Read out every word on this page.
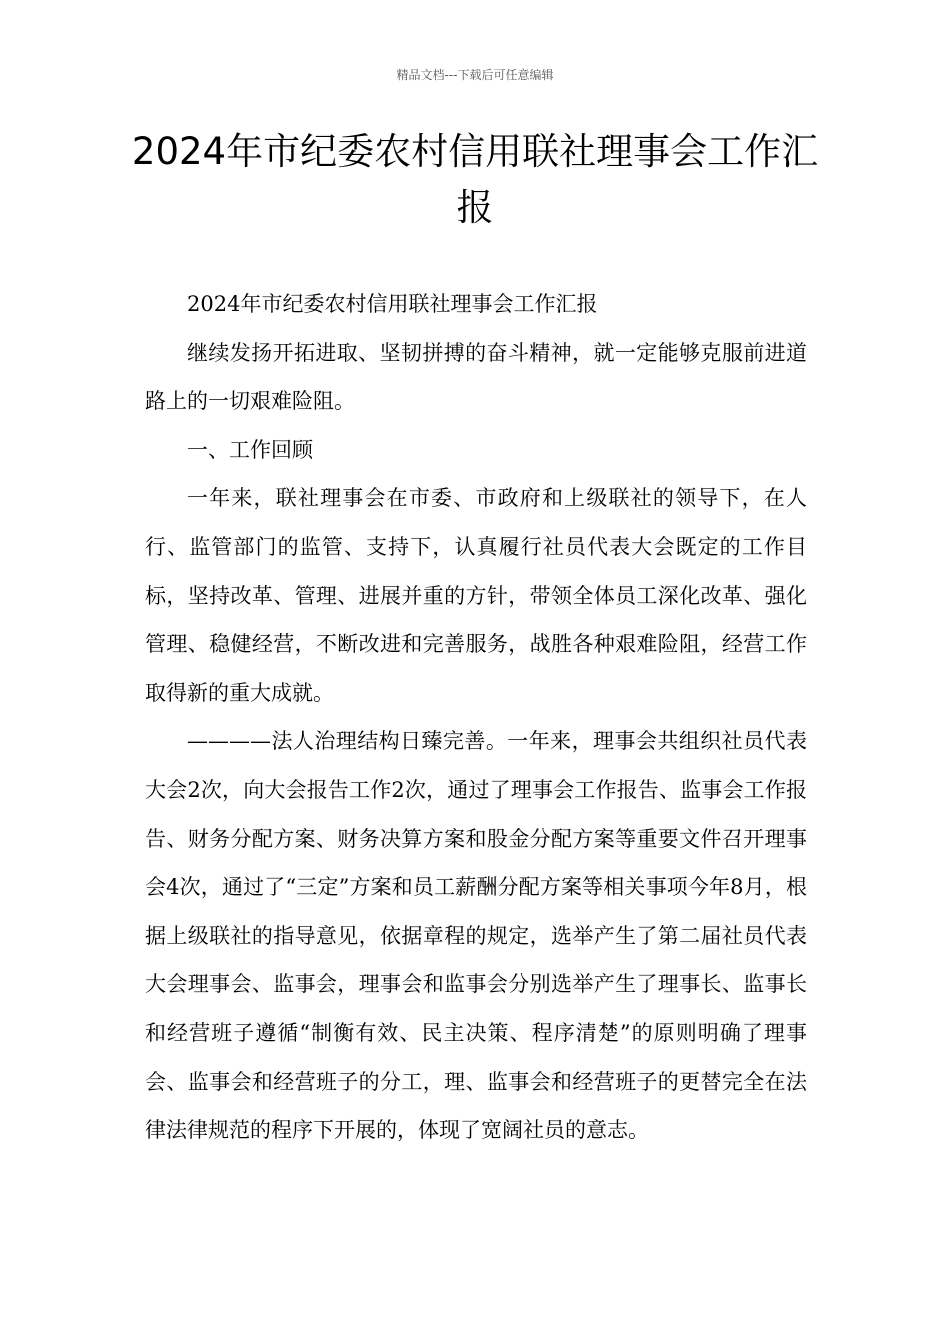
精品文档---下载后可任意编辑
2024年市纪委农村信用联社理事会工作汇报

2024年市纪委农村信用联社理事会工作汇报

继续发扬开拓进取、坚韧拼搏的奋斗精神，就一定能够克服前进道路上的一切艰难险阻。

一、工作回顾

一年来，联社理事会在市委、市政府和上级联社的领导下，在人行、监管部门的监管、支持下，认真履行社员代表大会既定的工作目标，坚持改革、管理、进展并重的方针，带领全体员工深化改革、强化管理、稳健经营，不断改进和完善服务，战胜各种艰难险阻，经营工作取得新的重大成就。

————法人治理结构日臻完善。一年来，理事会共组织社员代表大会2次，向大会报告工作2次，通过了理事会工作报告、监事会工作报告、财务分配方案、财务决算方案和股金分配方案等重要文件召开理事会4次，通过了“三定”方案和员工薪酬分配方案等相关事项今年8月，根据上级联社的指导意见，依据章程的规定，选举产生了第二届社员代表大会理事会、监事会，理事会和监事会分别选举产生了理事长、监事长和经营班子遵循“制衡有效、民主决策、程序清楚”的原则明确了理事会、监事会和经营班子的分工，理、监事会和经营班子的更替完全在法律法律规范的程序下开展的，体现了宽阔社员的意志。
